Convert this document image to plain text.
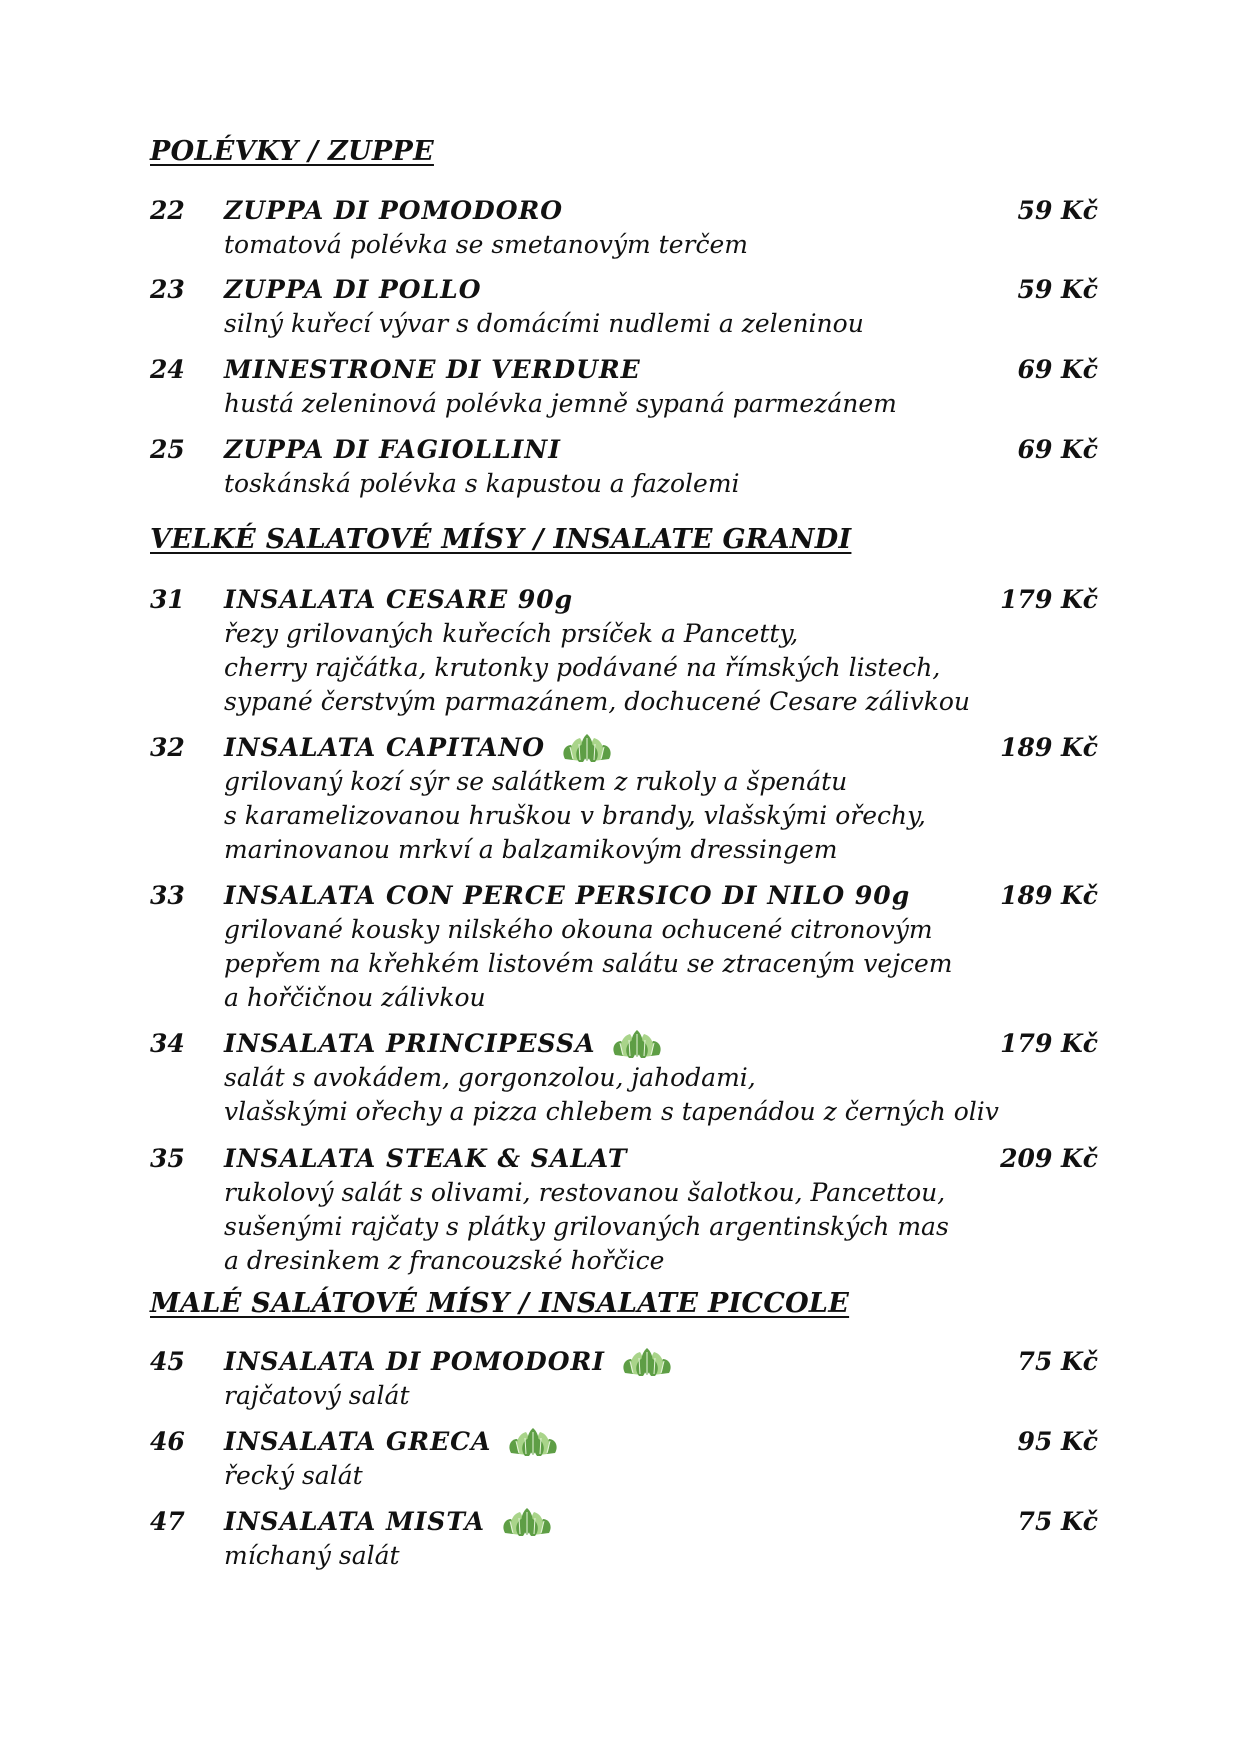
POLÉVKY / ZUPPE
22 ZUPPA DI POMODORO	59 Kč

tomatová polévka se smetanovým terčem

23 ZUPPA DI POLLO	59 Kč

silný kuřecí vývar s domácími nudlemi a zeleninou

24 MINESTRONE DI VERDURE	69 Kč

hustá zeleninová polévka jemně sypaná parmezánem

25 ZUPPA DI FAGIOLLINI	69 Kč

toskánská polévka s kapustou a fazolemi

VELKÉ SALATOVÉ MÍSY / INSALATE GRANDI
31 INSALATA CESARE 90g	179 Kč

řezy grilovaných kuřecích prsíček a Pancetty,
cherry rajčátka, krutonky podávané na římských listech,
sypané čerstvým parmazánem, dochucené Cesare zálivkou

32 INSALATA CAPITANO	189 Kč

grilovaný kozí sýr se salátkem z rukoly a špenátu
s karamelizovanou hruškou v brandy, vlašskými ořechy,
marinovanou mrkví a balzamikovým dressingem

33 INSALATA CON PERCE PERSICO DI NILO 90g	189 Kč

grilované kousky nilského okouna ochucené citronovým
pepřem na křehkém listovém salátu se ztraceným vejcem
a hořčičnou zálivkou

34 INSALATA PRINCIPESSA	179 Kč

salát s avokádem, gorgonzolou, jahodami,
vlašskými ořechy a pizza chlebem s tapenádou z černých oliv

35 INSALATA STEAK & SALAT	209 Kč

rukolový salát s olivami, restovanou šalotkou, Pancettou,
sušenými rajčaty s plátky grilovaných argentinských mas
a dresinkem z francouzské hořčice

MALÉ SALÁTOVÉ MÍSY / INSALATE PICCOLE
45 INSALATA DI POMODORI	75 Kč

rajčatový salát

46 INSALATA GRECA	95 Kč

řecký salát

47 INSALATA MISTA	75 Kč

míchaný salát
